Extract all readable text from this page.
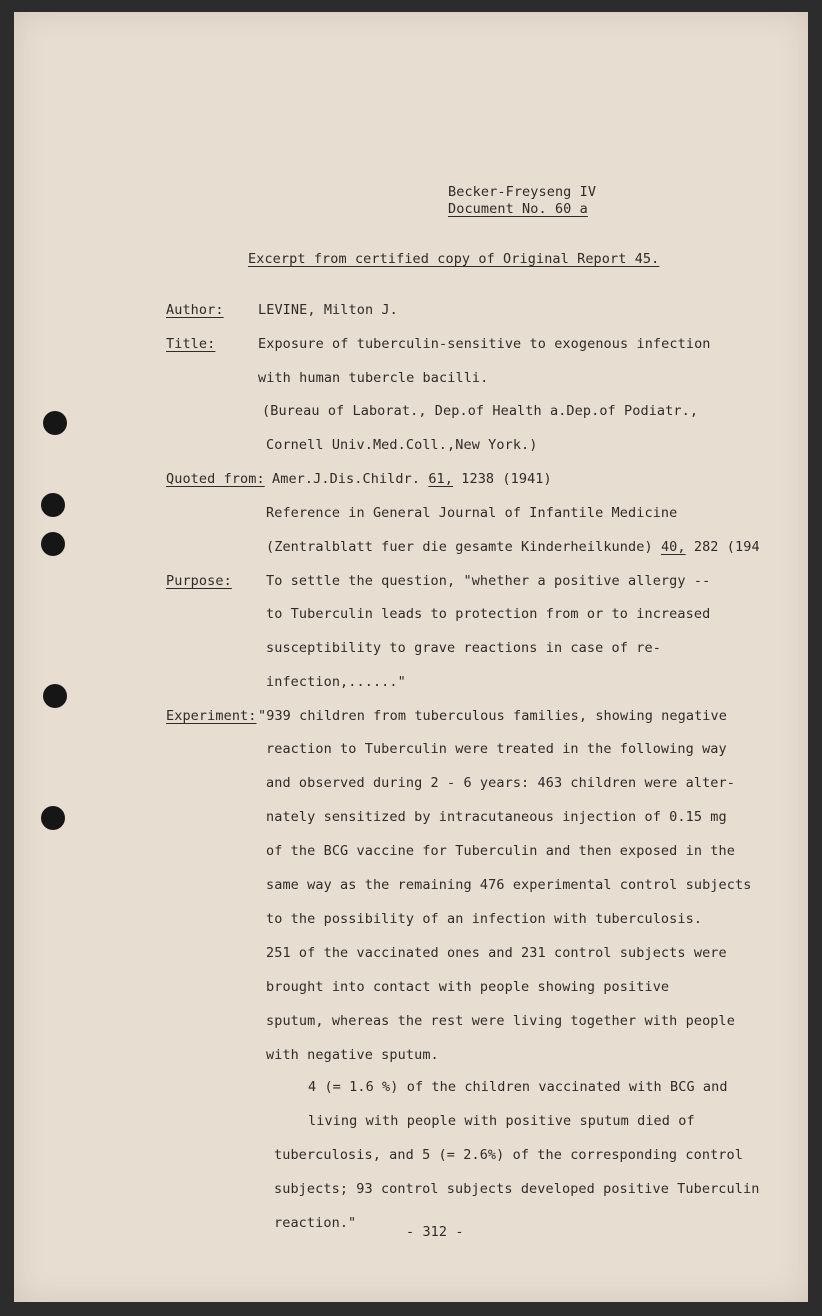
Becker-Freyseng IV
Document No. 60 a
Excerpt from certified copy of Original Report 45.
Author:	LEVINE, Milton J.
Title:	Exposure of tuberculin-sensitive to exogenous infection
with human tubercle bacilli.
(Bureau of Laborat., Dep.of Health a.Dep.of Podiatr.,
Cornell Univ.Med.Coll.,New York.)
Quoted from: Amer.J.Dis.Childr. 61, 1238 (1941)
Reference in General Journal of Infantile Medicine
(Zentralblatt fuer die gesamte Kinderheilkunde) 40, 282 (194
Purpose:	To settle the question, "whether a positive allergy --
to Tuberculin leads to protection from or to increased
susceptibility to grave reactions in case of re-
infection,......"
Experiment: "939 children from tuberculous families, showing negative
reaction to Tuberculin were treated in the following way
and observed during 2 - 6 years: 463 children were alter-
nately sensitized by intracutaneous injection of 0.15 mg
of the BCG vaccine for Tuberculin and then exposed in the
same way as the remaining 476 experimental control subjects
to the possibility of an infection with tuberculosis.
251 of the vaccinated ones and 231 control subjects were
brought into contact with people showing positive
sputum, whereas the rest were living together with people
with negative sputum.
4 (= 1.6 %) of the children vaccinated with BCG and
living with people with positive sputum died of
tuberculosis, and 5 (= 2.6%) of the corresponding control
subjects; 93 control subjects developed positive Tuberculin
reaction."
- 312 -
